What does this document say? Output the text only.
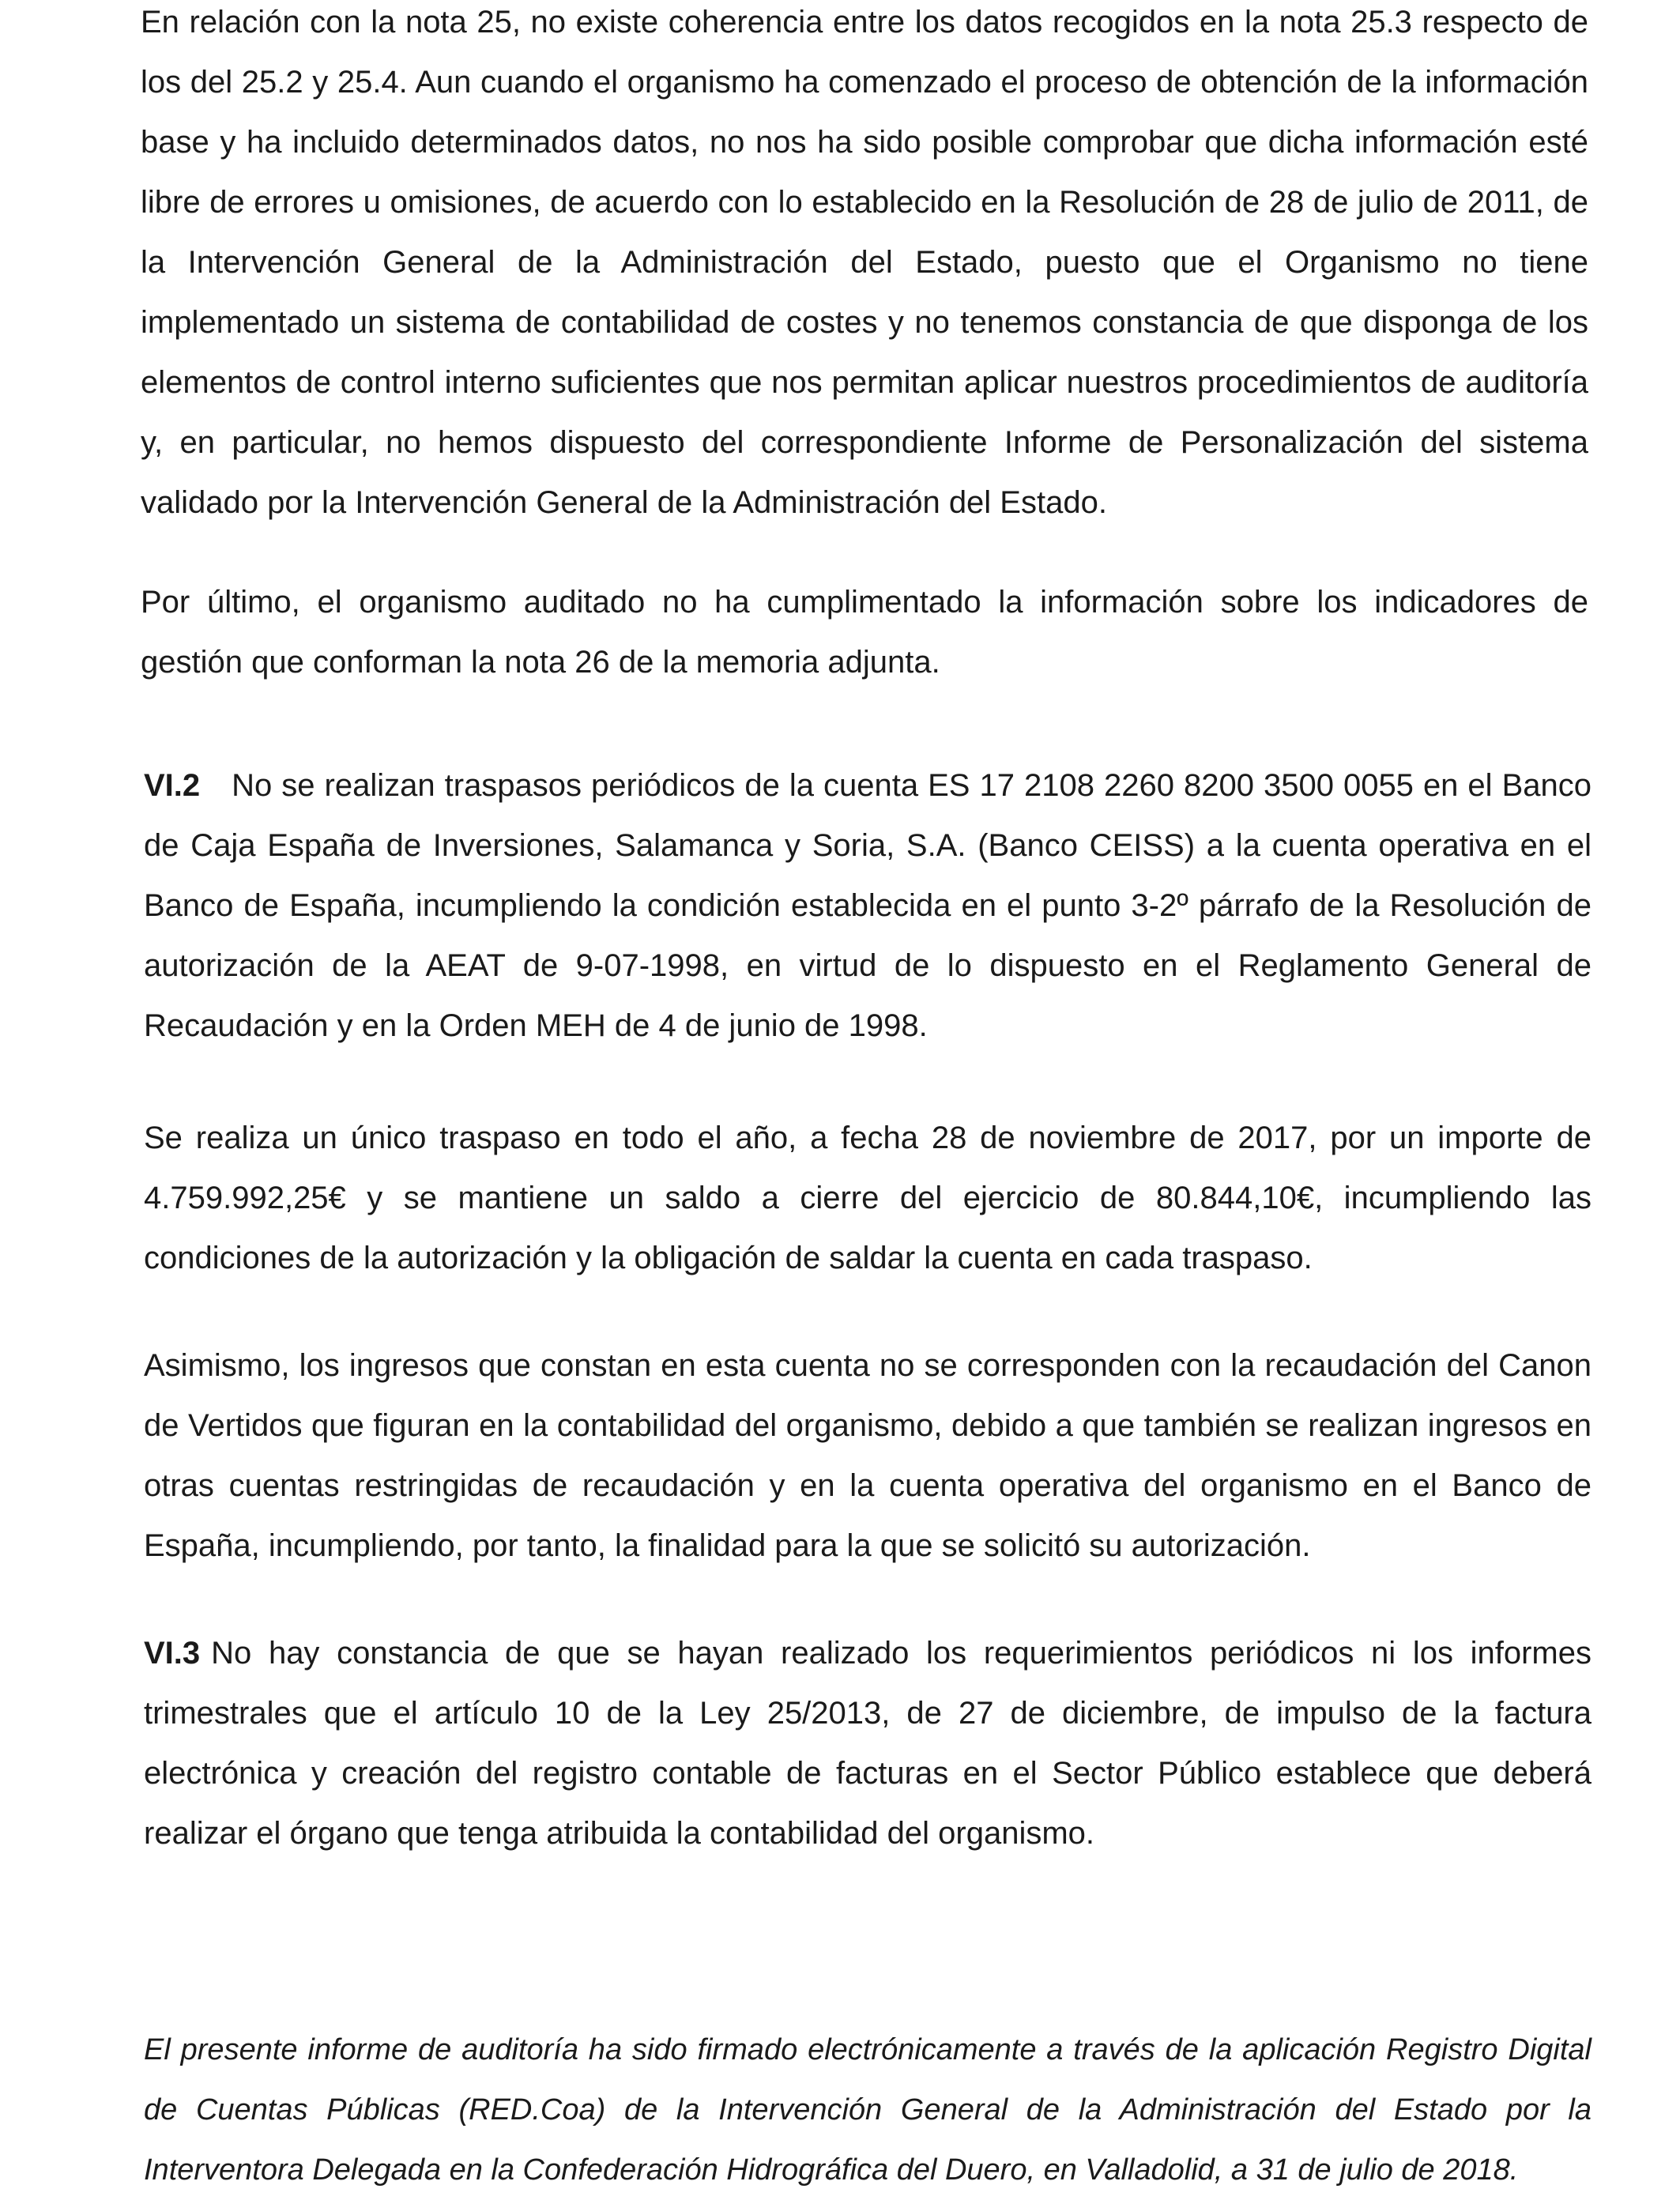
En relación con la nota 25, no existe coherencia entre los datos recogidos en la nota 25.3 respecto de los del 25.2 y 25.4. Aun cuando el organismo ha comenzado el proceso de obtención de la información base y ha incluido determinados datos, no nos ha sido posible comprobar que dicha información esté libre de errores u omisiones, de acuerdo con lo establecido en la Resolución de 28 de julio de 2011, de la Intervención General de la Administración del Estado, puesto que el Organismo no tiene implementado un sistema de contabilidad de costes y no tenemos constancia de que disponga de los elementos de control interno suficientes que nos permitan aplicar nuestros procedimientos de auditoría y, en particular, no hemos dispuesto del correspondiente Informe de Personalización del sistema validado por la Intervención General de la Administración del Estado.

Por último, el organismo auditado no ha cumplimentado la información sobre los indicadores de gestión que conforman la nota 26 de la memoria adjunta.

VI.2 No se realizan traspasos periódicos de la cuenta ES 17 2108 2260 8200 3500 0055 en el Banco de Caja España de Inversiones, Salamanca y Soria, S.A. (Banco CEISS) a la cuenta operativa en el Banco de España, incumpliendo la condición establecida en el punto 3-2º párrafo de la Resolución de autorización de la AEAT de 9-07-1998, en virtud de lo dispuesto en el Reglamento General de Recaudación y en la Orden MEH de 4 de junio de 1998.

Se realiza un único traspaso en todo el año, a fecha 28 de noviembre de 2017, por un importe de 4.759.992,25€ y se mantiene un saldo a cierre del ejercicio de 80.844,10€, incumpliendo las condiciones de la autorización y la obligación de saldar la cuenta en cada traspaso.

Asimismo, los ingresos que constan en esta cuenta no se corresponden con la recaudación del Canon de Vertidos que figuran en la contabilidad del organismo, debido a que también se realizan ingresos en otras cuentas restringidas de recaudación y en la cuenta operativa del organismo en el Banco de España, incumpliendo, por tanto, la finalidad para la que se solicitó su autorización.

VI.3 No hay constancia de que se hayan realizado los requerimientos periódicos ni los informes trimestrales que el artículo 10 de la Ley 25/2013, de 27 de diciembre, de impulso de la factura electrónica y creación del registro contable de facturas en el Sector Público establece que deberá realizar el órgano que tenga atribuida la contabilidad del organismo.

El presente informe de auditoría ha sido firmado electrónicamente a través de la aplicación Registro Digital de Cuentas Públicas (RED.Coa) de la Intervención General de la Administración del Estado por la Interventora Delegada en la Confederación Hidrográfica del Duero, en Valladolid, a 31 de julio de 2018.
